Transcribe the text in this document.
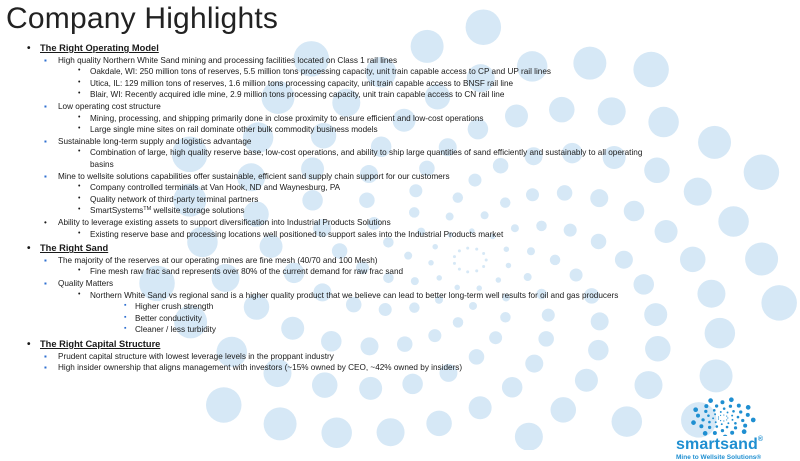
Company Highlights
• The Right Operating Model
▪ High quality Northern White Sand mining and processing facilities located on Class 1 rail lines
• Oakdale, WI: 250 million tons of reserves, 5.5 million tons processing capacity, unit train capable access to CP and UP rail lines
• Utica, IL: 129 million tons of reserves, 1.6 million tons processing capacity, unit train capable access to BNSF rail line
• Blair, WI: Recently acquired idle mine, 2.9 million tons processing capacity, unit train capable access to CN rail line
▪ Low operating cost structure
• Mining, processing, and shipping primarily done in close proximity to ensure efficient and low-cost operations
• Large single mine sites on rail dominate other bulk commodity business models
▪ Sustainable long-term supply and logistics advantage
• Combination of large, high quality reserve base, low-cost operations, and ability to ship large quantities of sand efficiently and sustainably to all operating
basins
▪ Mine to wellsite solutions capabilities offer sustainable, efficient sand supply chain support for our customers
• Company controlled terminals at Van Hook, ND and Waynesburg, PA
• Quality network of third-party terminal partners
• SmartSystems™ wellsite storage solutions
• Ability to leverage existing assets to support diversification into Industrial Products Solutions
• Existing reserve base and processing locations well positioned to support sales into the Industrial Products market
• The Right Sand
▪ The majority of the reserves at our operating mines are fine mesh (40/70 and 100 Mesh)
• Fine mesh raw frac sand represents over 80% of the current demand for raw frac sand
▪ Quality Matters
• Northern White Sand vs regional sand is a higher quality product that we believe can lead to better long-term well results for oil and gas producers
▪ Higher crush strength
▪ Better conductivity
▪ Cleaner / less turbidity
• The Right Capital Structure
▪ Prudent capital structure with lowest leverage levels in the proppant industry
▪ High insider ownership that aligns management with investors (~15% owned by CEO, ~42% owned by insiders)
smartsand®
Mine to Wellsite Solutions®
